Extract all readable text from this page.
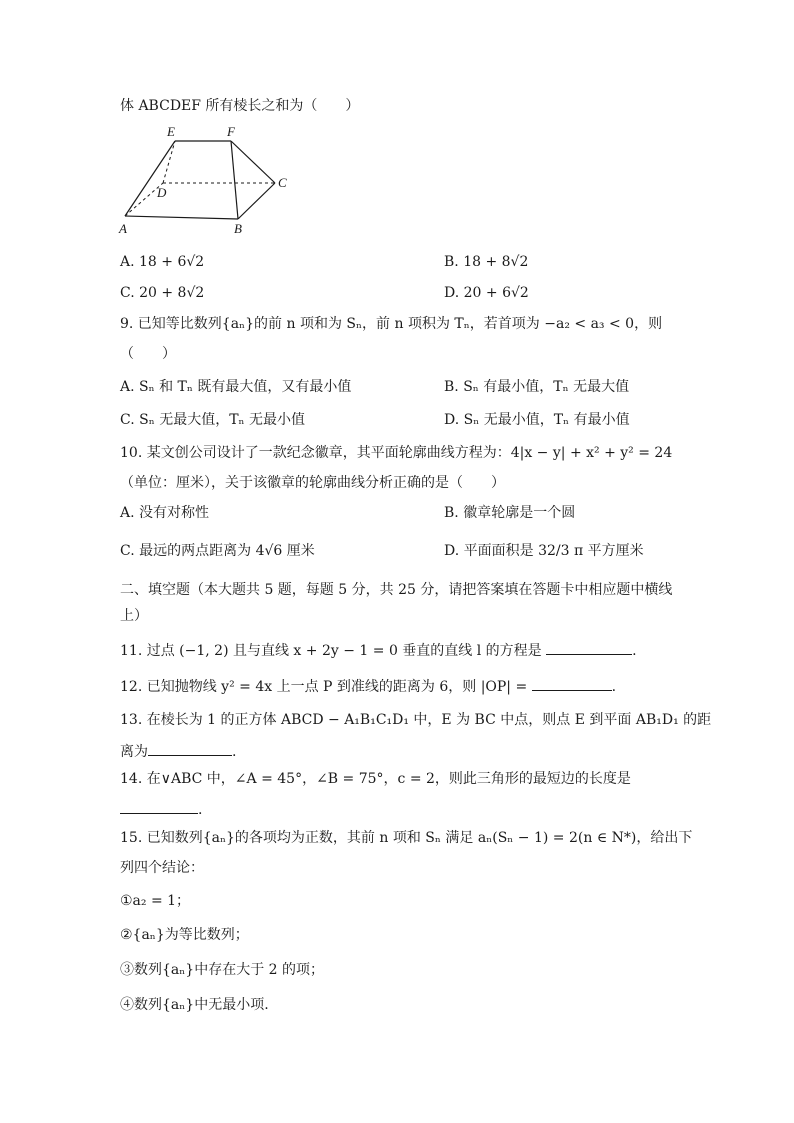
体 ABCDEF 所有棱长之和为（　　）
E	F
C
D
A	B
A. 18 + 6√2	B. 18 + 8√2
C. 20 + 8√2	D. 20 + 6√2
9. 已知等比数列{aₙ}的前 n 项和为 Sₙ，前 n 项积为 Tₙ，若首项为 −a₂ < a₃ < 0，则
（　　）
A. Sₙ 和 Tₙ 既有最大值，又有最小值	B. Sₙ 有最小值，Tₙ 无最大值
C. Sₙ 无最大值，Tₙ 无最小值	D. Sₙ 无最小值，Tₙ 有最小值
10. 某文创公司设计了一款纪念徽章，其平面轮廓曲线方程为：4|x − y| + x² + y² = 24
（单位：厘米），关于该徽章的轮廓曲线分析正确的是（　　）
A. 没有对称性	B. 徽章轮廓是一个圆
C. 最远的两点距离为 4√6 厘米	D. 平面面积是 32/3 π 平方厘米
二、填空题（本大题共 5 题，每题 5 分，共 25 分，请把答案填在答题卡中相应题中横线
上）
11. 过点 (−1, 2) 且与直线 x + 2y − 1 = 0 垂直的直线 l 的方程是	.
12. 已知抛物线 y² = 4x 上一点 P 到准线的距离为 6，则 |OP| =	.
13. 在棱长为 1 的正方体 ABCD − A₁B₁C₁D₁ 中，E 为 BC 中点，则点 E 到平面 AB₁D₁ 的距
离为	.
14. 在∨ABC 中，∠A = 45°，∠B = 75°，c = 2，则此三角形的最短边的长度是
.
15. 已知数列{aₙ}的各项均为正数，其前 n 项和 Sₙ 满足 aₙ(Sₙ − 1) = 2(n ∈ N*)，给出下
列四个结论：
①a₂ = 1；
②{aₙ}为等比数列；
③数列{aₙ}中存在大于 2 的项；
④数列{aₙ}中无最小项.
